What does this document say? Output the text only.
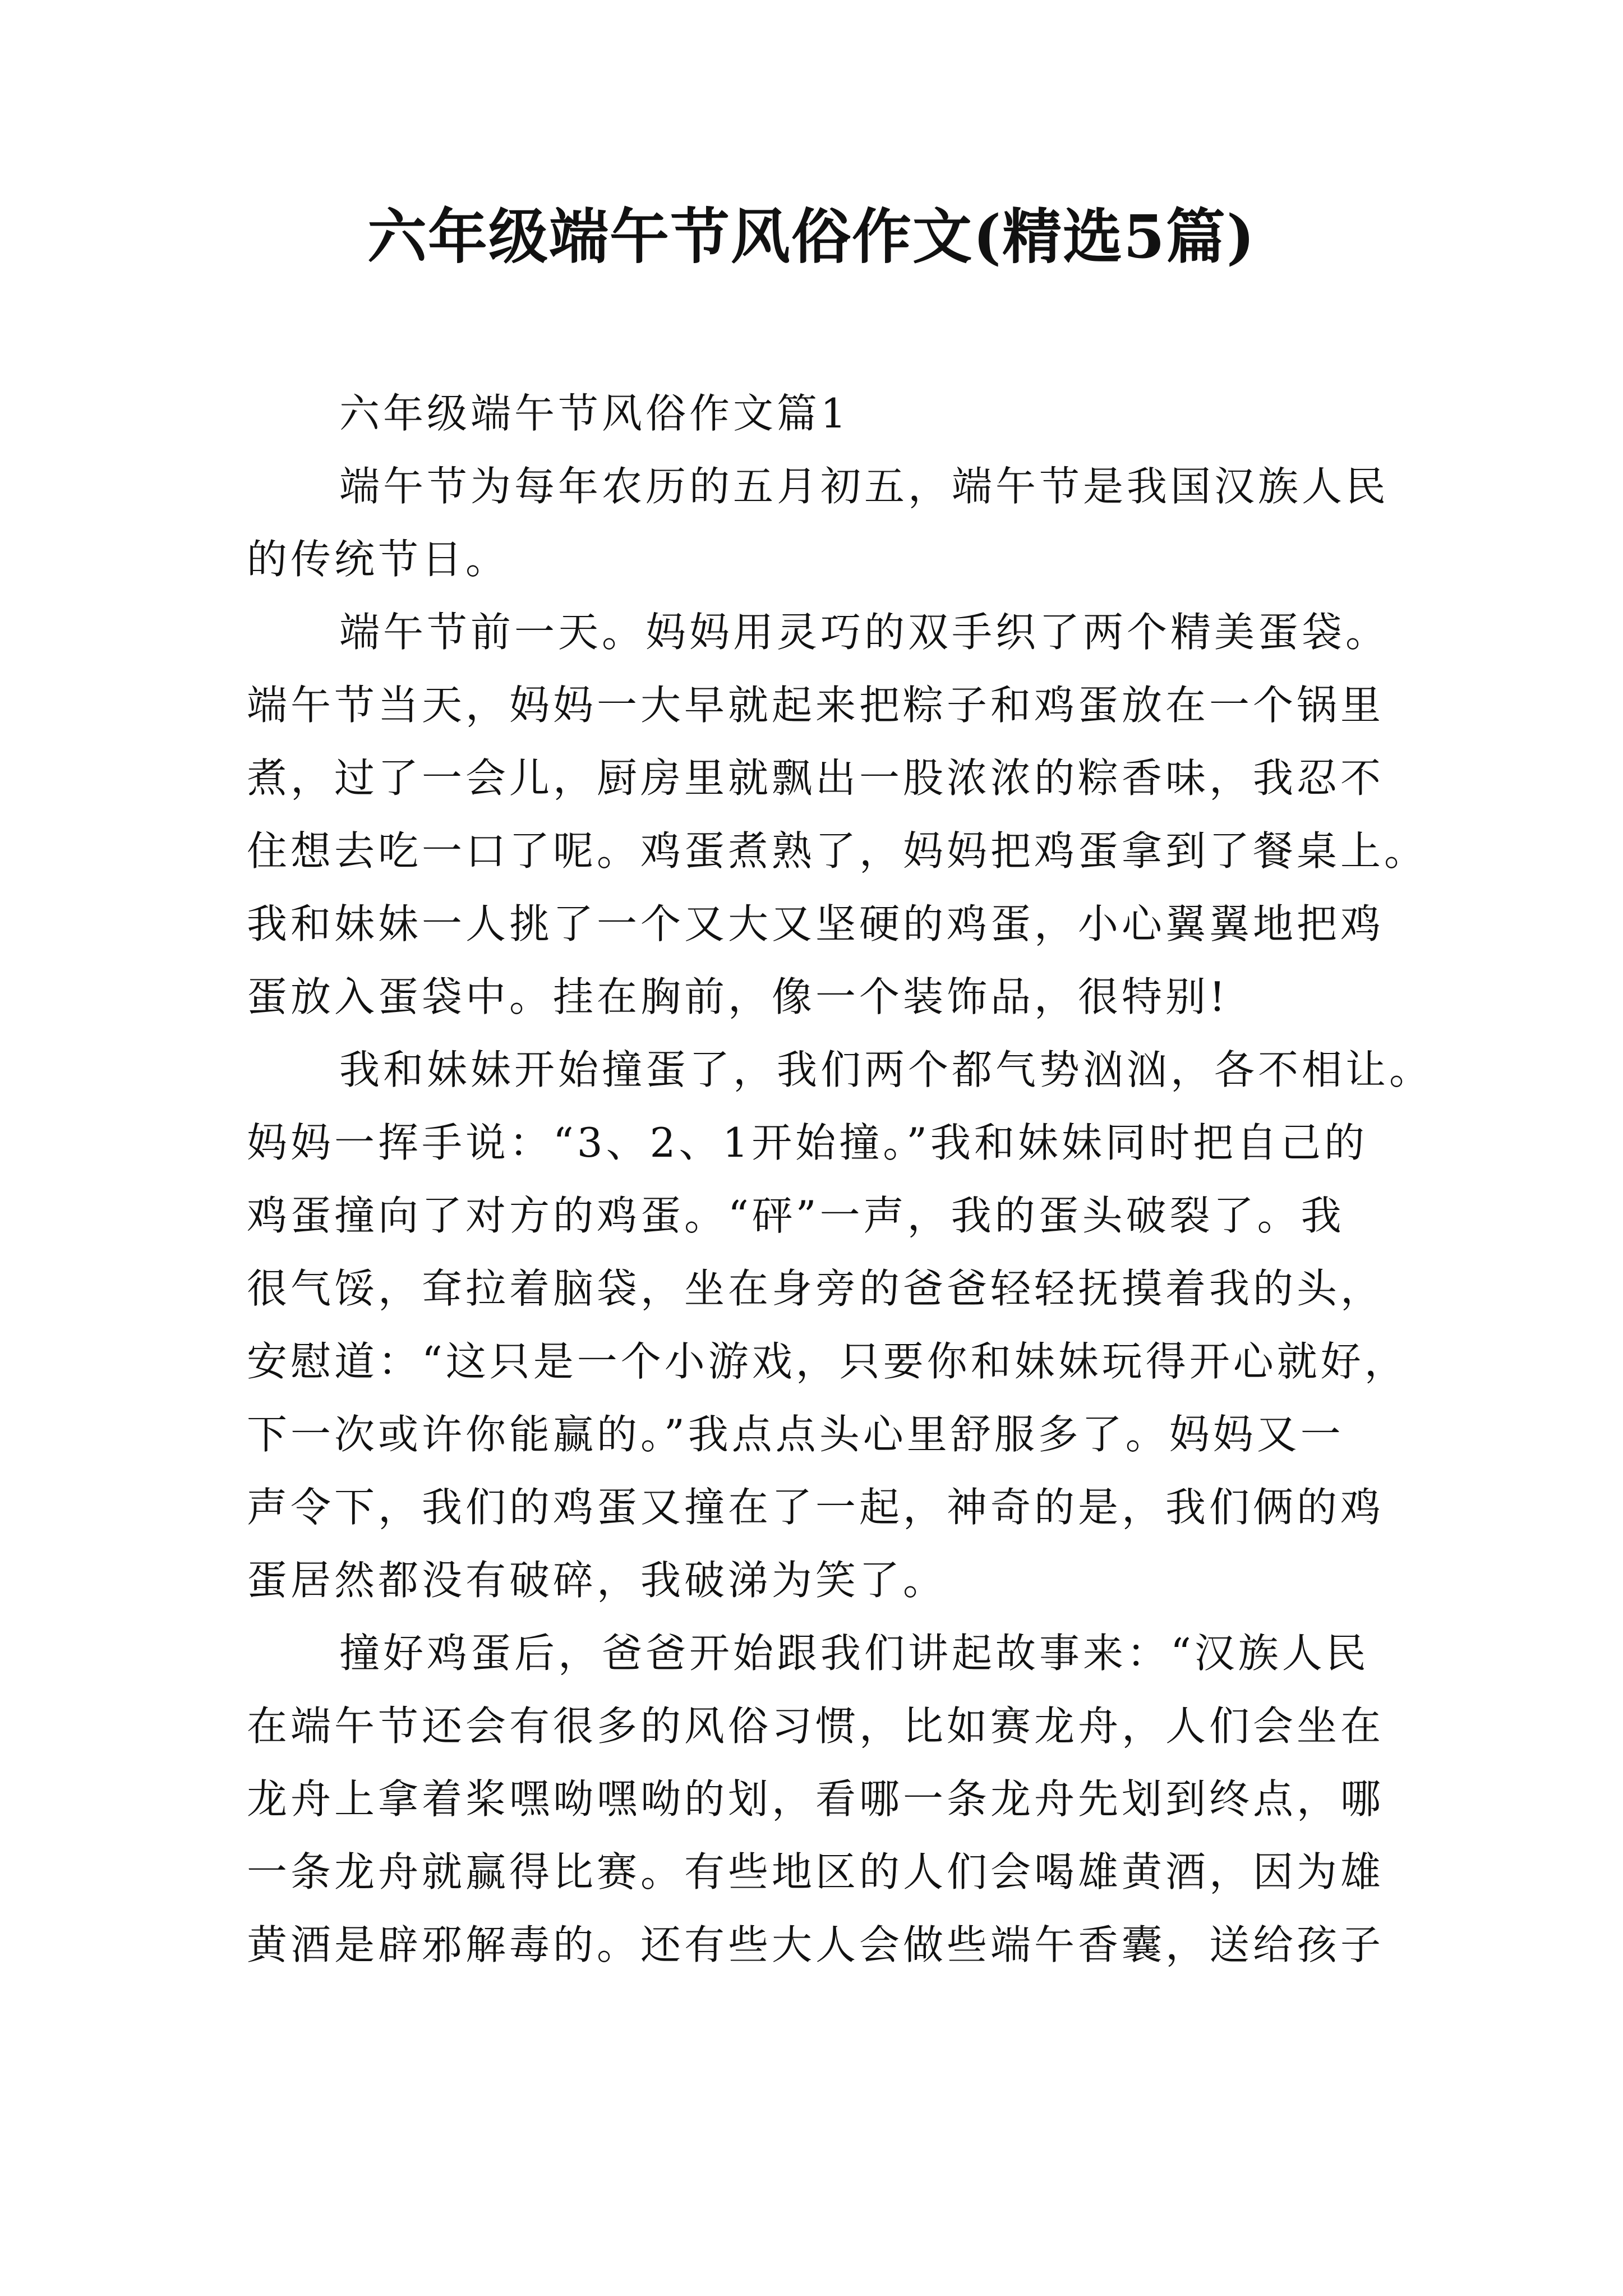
六年级端午节风俗作文(精选5篇)
六年级端午节风俗作文篇1
端午节为每年农历的五月初五，端午节是我国汉族人民
的传统节日。
端午节前一天。妈妈用灵巧的双手织了两个精美蛋袋。
端午节当天，妈妈一大早就起来把粽子和鸡蛋放在一个锅里
煮，过了一会儿，厨房里就飘出一股浓浓的粽香味，我忍不
住想去吃一口了呢。鸡蛋煮熟了，妈妈把鸡蛋拿到了餐桌上。
我和妹妹一人挑了一个又大又坚硬的鸡蛋，小心翼翼地把鸡
蛋放入蛋袋中。挂在胸前，像一个装饰品，很特别!
我和妹妹开始撞蛋了，我们两个都气势汹汹，各不相让。
妈妈一挥手说：“3、2、1开始撞。”我和妹妹同时把自己的
鸡蛋撞向了对方的鸡蛋。“砰”一声，我的蛋头破裂了。我
很气馁，耷拉着脑袋，坐在身旁的爸爸轻轻抚摸着我的头，
安慰道：“这只是一个小游戏，只要你和妹妹玩得开心就好，
下一次或许你能赢的。”我点点头心里舒服多了。妈妈又一
声令下，我们的鸡蛋又撞在了一起，神奇的是，我们俩的鸡
蛋居然都没有破碎，我破涕为笑了。
撞好鸡蛋后，爸爸开始跟我们讲起故事来：“汉族人民
在端午节还会有很多的风俗习惯，比如赛龙舟，人们会坐在
龙舟上拿着桨嘿呦嘿呦的划，看哪一条龙舟先划到终点，哪
一条龙舟就赢得比赛。有些地区的人们会喝雄黄酒，因为雄
黄酒是辟邪解毒的。还有些大人会做些端午香囊，送给孩子
